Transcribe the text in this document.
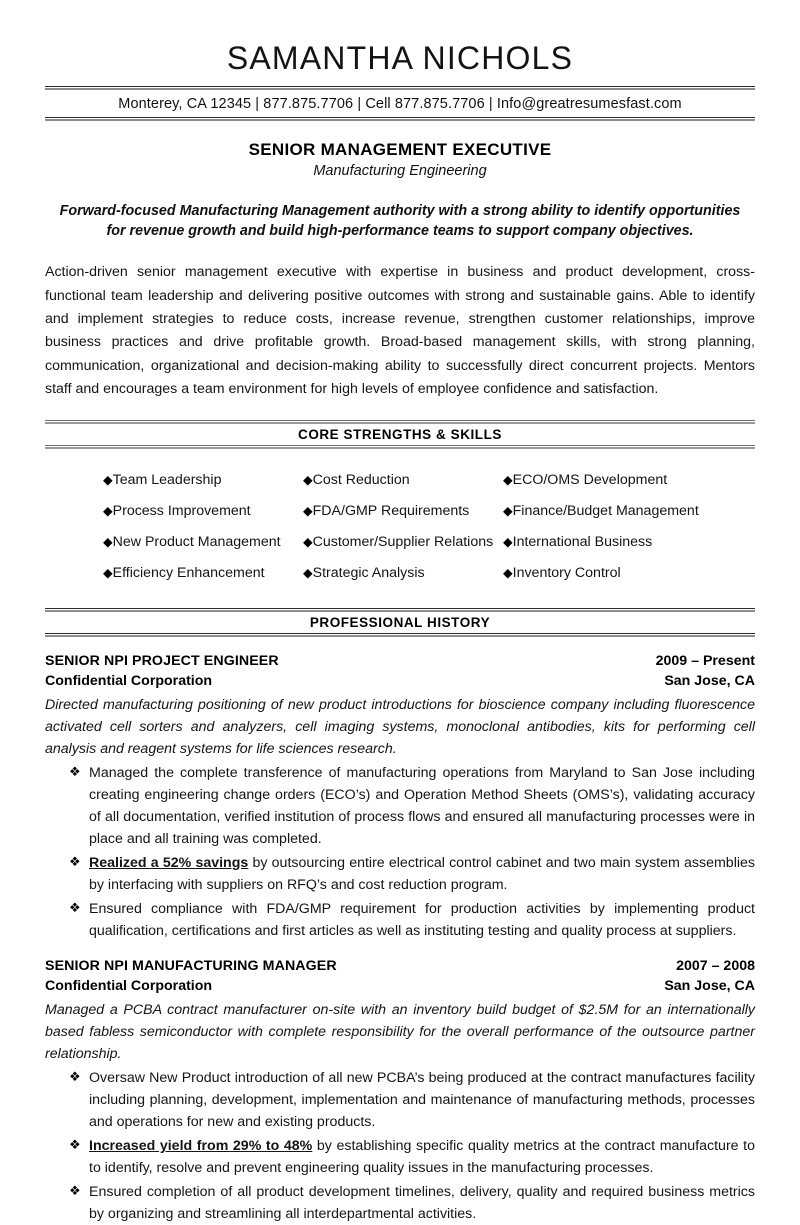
SAMANTHA NICHOLS
Monterey, CA 12345 | 877.875.7706 | Cell 877.875.7706 | Info@greatresumesfast.com
SENIOR MANAGEMENT EXECUTIVE
Manufacturing Engineering
Forward-focused Manufacturing Management authority with a strong ability to identify opportunities for revenue growth and build high-performance teams to support company objectives.
Action-driven senior management executive with expertise in business and product development, cross-functional team leadership and delivering positive outcomes with strong and sustainable gains. Able to identify and implement strategies to reduce costs, increase revenue, strengthen customer relationships, improve business practices and drive profitable growth. Broad-based management skills, with strong planning, communication, organizational and decision-making ability to successfully direct concurrent projects. Mentors staff and encourages a team environment for high levels of employee confidence and satisfaction.
CORE STRENGTHS & SKILLS
◆Team Leadership	◆Cost Reduction	◆ECO/OMS Development
◆Process Improvement	◆FDA/GMP Requirements	◆Finance/Budget Management
◆New Product Management	◆Customer/Supplier Relations ◆International Business
◆Efficiency Enhancement	◆Strategic Analysis	◆Inventory Control
PROFESSIONAL HISTORY
SENIOR NPI PROJECT ENGINEER	2009 – Present
Confidential Corporation	San Jose, CA
Directed manufacturing positioning of new product introductions for bioscience company including fluorescence activated cell sorters and analyzers, cell imaging systems, monoclonal antibodies, kits for performing cell analysis and reagent systems for life sciences research.
❖ Managed the complete transference of manufacturing operations from Maryland to San Jose including creating engineering change orders (ECO’s) and Operation Method Sheets (OMS’s), validating accuracy of all documentation, verified institution of process flows and ensured all manufacturing processes were in place and all training was completed.
❖ Realized a 52% savings by outsourcing entire electrical control cabinet and two main system assemblies by interfacing with suppliers on RFQ’s and cost reduction program.
❖ Ensured compliance with FDA/GMP requirement for production activities by implementing product qualification, certifications and first articles as well as instituting testing and quality process at suppliers.
SENIOR NPI MANUFACTURING MANAGER	2007 – 2008
Confidential Corporation	San Jose, CA
Managed a PCBA contract manufacturer on-site with an inventory build budget of $2.5M for an internationally based fabless semiconductor with complete responsibility for the overall performance of the outsource partner relationship.
❖ Oversaw New Product introduction of all new PCBA’s being produced at the contract manufactures facility including planning, development, implementation and maintenance of manufacturing methods, processes and operations for new and existing products.
❖ Increased yield from 29% to 48% by establishing specific quality metrics at the contract manufacture to to identify, resolve and prevent engineering quality issues in the manufacturing processes.
❖ Ensured completion of all product development timelines, delivery, quality and required business metrics by organizing and streamlining all interdepartmental activities.
